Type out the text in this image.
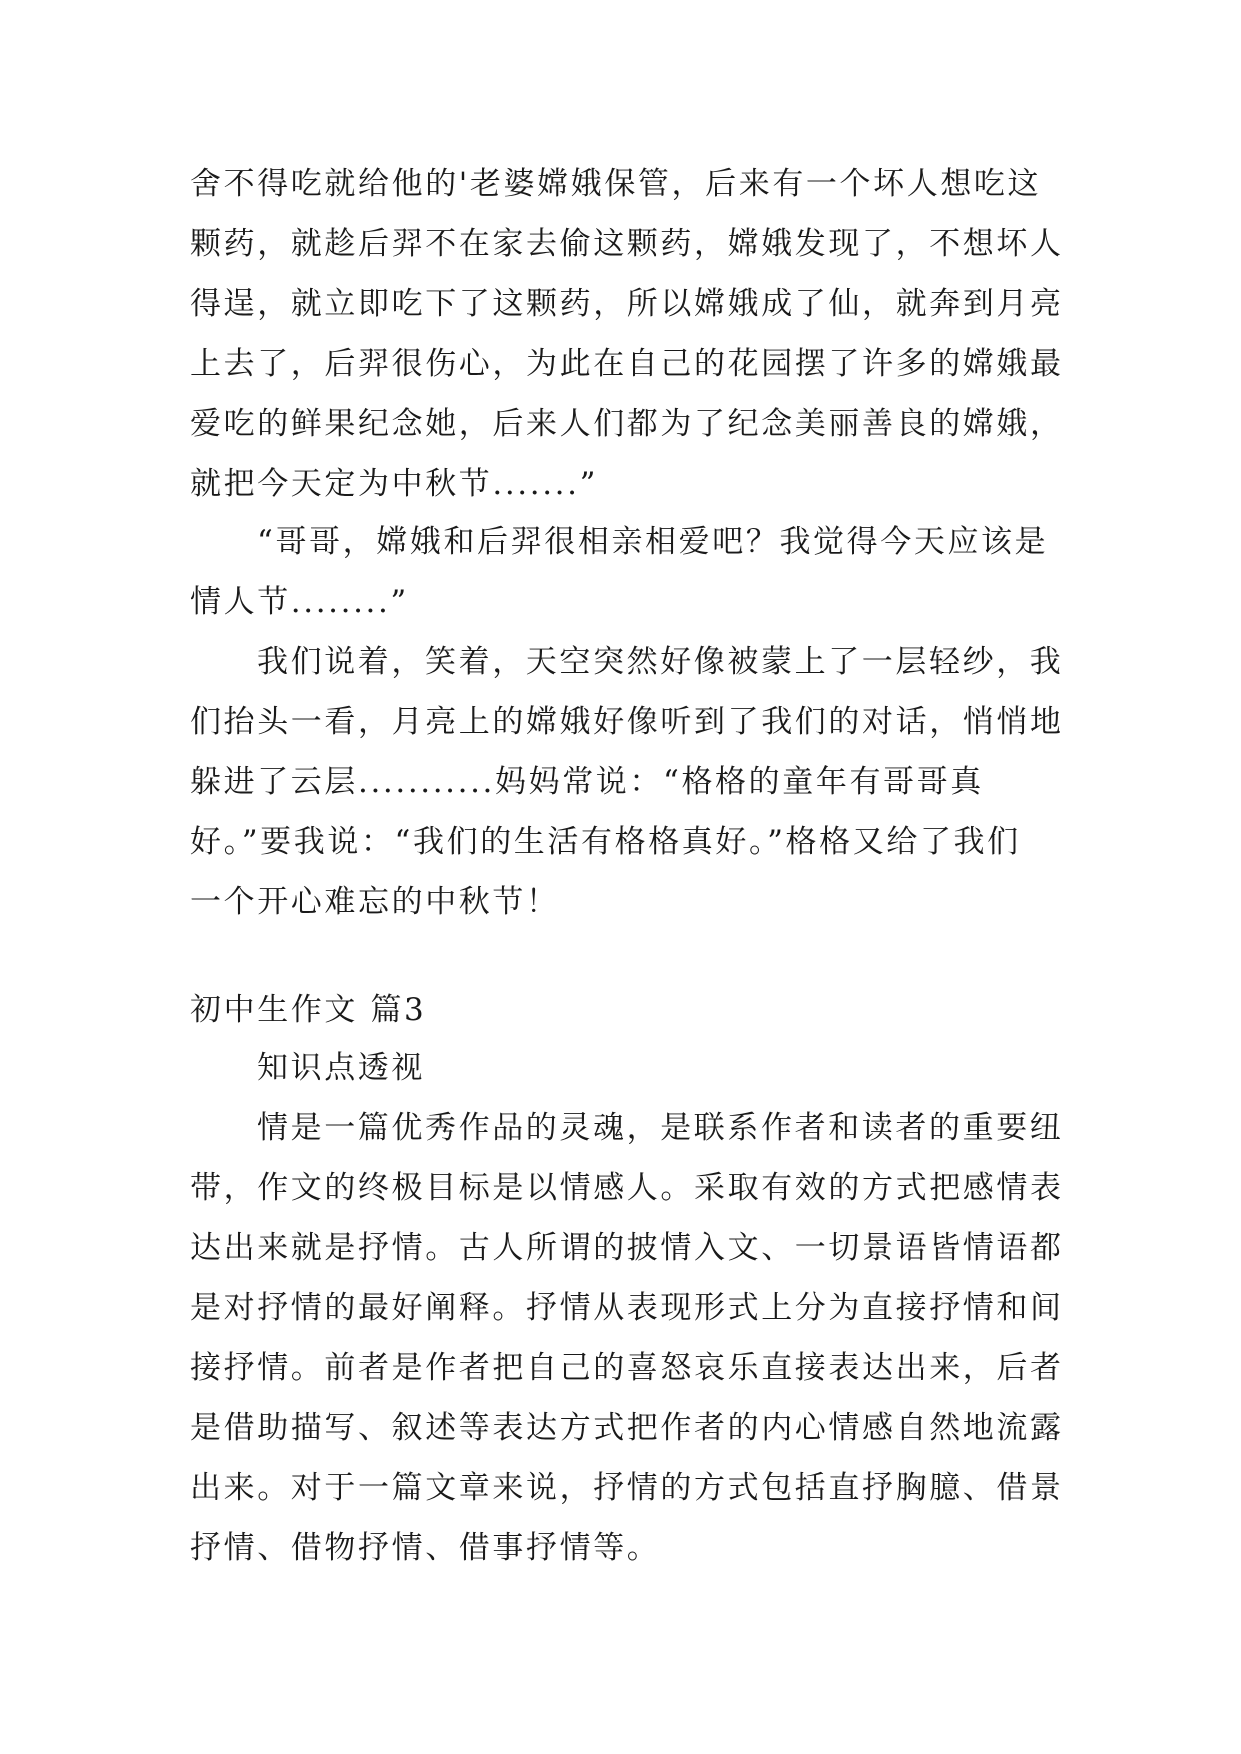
舍不得吃就给他的'老婆嫦娥保管，后来有一个坏人想吃这

颗药，就趁后羿不在家去偷这颗药，嫦娥发现了，不想坏人

得逞，就立即吃下了这颗药，所以嫦娥成了仙，就奔到月亮

上去了，后羿很伤心，为此在自己的花园摆了许多的嫦娥最

爱吃的鲜果纪念她，后来人们都为了纪念美丽善良的嫦娥，

就把今天定为中秋节.......”

“哥哥，嫦娥和后羿很相亲相爱吧？我觉得今天应该是

情人节........”

我们说着，笑着，天空突然好像被蒙上了一层轻纱，我

们抬头一看，月亮上的嫦娥好像听到了我们的对话，悄悄地

躲进了云层...........妈妈常说：“格格的童年有哥哥真

好。”要我说：“我们的生活有格格真好。”格格又给了我们

一个开心难忘的中秋节！

初中生作文 篇3

知识点透视

情是一篇优秀作品的灵魂，是联系作者和读者的重要纽

带，作文的终极目标是以情感人。采取有效的方式把感情表

达出来就是抒情。古人所谓的披情入文、一切景语皆情语都

是对抒情的最好阐释。抒情从表现形式上分为直接抒情和间

接抒情。前者是作者把自己的喜怒哀乐直接表达出来，后者

是借助描写、叙述等表达方式把作者的内心情感自然地流露

出来。对于一篇文章来说，抒情的方式包括直抒胸臆、借景

抒情、借物抒情、借事抒情等。
